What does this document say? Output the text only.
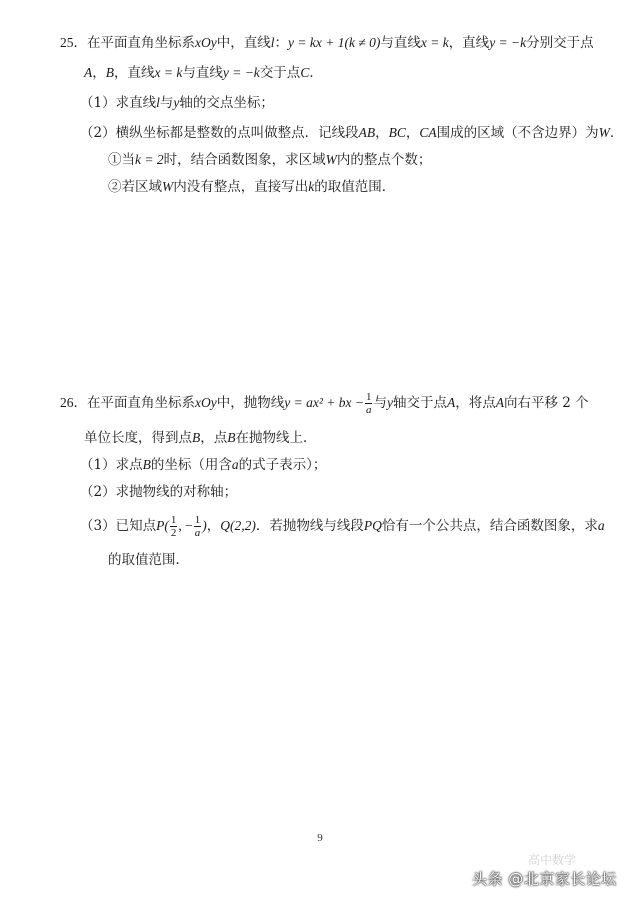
25．在平面直角坐标系xOy中，直线l：y = kx + 1(k ≠ 0)与直线x = k，直线y = −k分别交于点
A，B，直线x = k与直线y = −k交于点C．
（1）求直线l与y轴的交点坐标；
（2）横纵坐标都是整数的点叫做整点．记线段AB，BC，CA围成的区域（不含边界）为W．
①当k = 2时，结合函数图象，求区域W内的整点个数；
②若区域W内没有整点，直接写出k的取值范围．
26．在平面直角坐标系xOy中，抛物线y = ax² + bx − $\frac{1}{a}$ 与y轴交于点A，将点A向右平移 2 个
单位长度，得到点B，点B在抛物线上．
（1）求点B的坐标（用含a的式子表示）；
（2）求抛物线的对称轴；
（3）已知点$P( \frac{1}{2}$ , − $\frac{1}{a}$ )，Q(2,2)．若抛物线与线段PQ恰有一个公共点，结合函数图象，求a
的取值范围．
9
高中数学
头条 @北京家长论坛
